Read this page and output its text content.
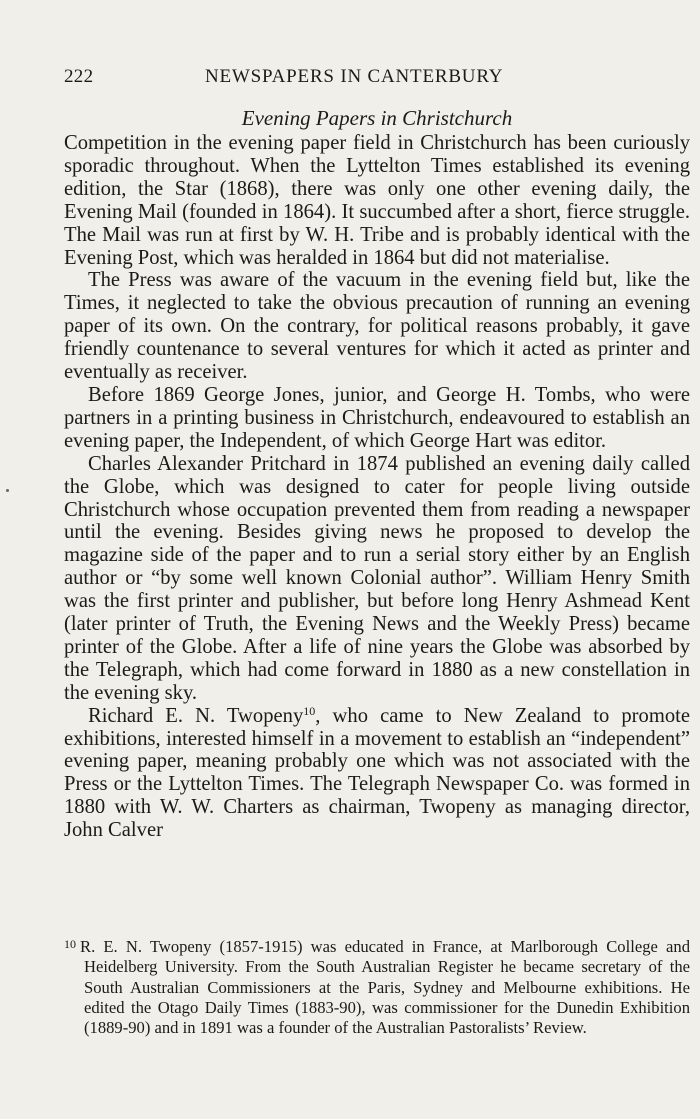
222	NEWSPAPERS IN CANTERBURY
Evening Papers in Christchurch

Competition in the evening paper field in Christchurch has been curiously sporadic throughout. When the Lyttelton Times established its evening edition, the Star (1868), there was only one other evening daily, the Evening Mail (founded in 1864). It succumbed after a short, fierce struggle. The Mail was run at first by W. H. Tribe and is probably identical with the Evening Post, which was heralded in 1864 but did not materialise.

The Press was aware of the vacuum in the evening field but, like the Times, it neglected to take the obvious precaution of running an evening paper of its own. On the contrary, for political reasons probably, it gave friendly countenance to several ventures for which it acted as printer and eventually as receiver.

Before 1869 George Jones, junior, and George H. Tombs, who were partners in a printing business in Christchurch, endeavoured to establish an evening paper, the Independent, of which George Hart was editor.

Charles Alexander Pritchard in 1874 published an evening daily called the Globe, which was designed to cater for people living outside Christchurch whose occupation prevented them from reading a newspaper until the evening. Besides giving news he proposed to develop the magazine side of the paper and to run a serial story either by an English author or “by some well known Colonial author”. William Henry Smith was the first printer and publisher, but before long Henry Ashmead Kent (later printer of Truth, the Evening News and the Weekly Press) became printer of the Globe. After a life of nine years the Globe was absorbed by the Telegraph, which had come forward in 1880 as a new constellation in the evening sky.

Richard E. N. Twopeny$^{10}$, who came to New Zealand to promote exhibitions, interested himself in a movement to establish an “independent” evening paper, meaning probably one which was not associated with the Press or the Lyttelton Times. The Telegraph Newspaper Co. was formed in 1880 with W. W. Charters as chairman, Twopeny as managing director, John Calver

$^{10}$ R. E. N. Twopeny (1857-1915) was educated in France, at Marlborough College and Heidelberg University. From the South Australian Register he became secretary of the South Australian Commissioners at the Paris, Sydney and Melbourne exhibitions. He edited the Otago Daily Times (1883-90), was commissioner for the Dunedin Exhibition (1889-90) and in 1891 was a founder of the Australian Pastoralists’ Review.
